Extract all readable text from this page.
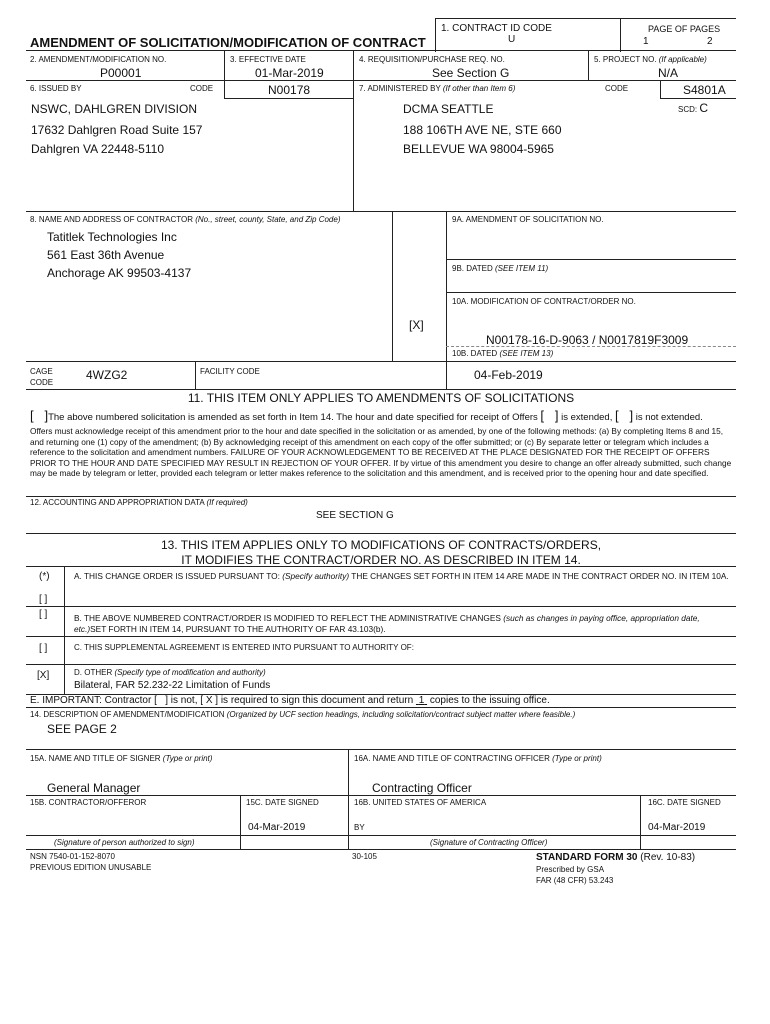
1. CONTRACT ID CODE
U
PAGE OF PAGES
1	2
AMENDMENT OF SOLICITATION/MODIFICATION OF CONTRACT
2. AMENDMENT/MODIFICATION NO.
P00001
3. EFFECTIVE DATE
01-Mar-2019
4. REQUISITION/PURCHASE REQ. NO.
See Section G
5. PROJECT NO. (If applicable)
N/A
6. ISSUED BY	CODE	N00178	7. ADMINISTERED BY (If other than Item 6)	CODE	S4801A
SCD: C
NSWC, DAHLGREN DIVISION
17632 Dahlgren Road Suite 157
Dahlgren VA 22448-5110
DCMA SEATTLE
188 106TH AVE NE, STE 660
BELLEVUE WA 98004-5965
8. NAME AND ADDRESS OF CONTRACTOR (No., street, county, State, and Zip Code)
Tatitlek Technologies Inc
561 East 36th Avenue
Anchorage AK 99503-4137
CAGE
CODE
4WZG2	FACILITY CODE
9A. AMENDMENT OF SOLICITATION NO.
9B. DATED (SEE ITEM 11)
10A. MODIFICATION OF CONTRACT/ORDER NO.
[X]
N00178-16-D-9063 / N0017819F3009
10B. DATED (SEE ITEM 13)
04-Feb-2019
11. THIS ITEM ONLY APPLIES TO AMENDMENTS OF SOLICITATIONS
[   ]The above numbered solicitation is amended as set forth in Item 14. The hour and date specified for receipt of Offers [   ] is extended, [   ] is not extended.
Offers must acknowledge receipt of this amendment prior to the hour and date specified in the solicitation or as amended, by one of the following methods: (a) By completing Items 8 and 15, and returning one (1) copy of the amendment; (b) By acknowledging receipt of this amendment on each copy of the offer submitted; or (c) By separate letter or telegram which includes a reference to the solicitation and amendment numbers. FAILURE OF YOUR ACKNOWLEDGEMENT TO BE RECEIVED AT THE PLACE DESIGNATED FOR THE RECEIPT OF OFFERS PRIOR TO THE HOUR AND DATE SPECIFIED MAY RESULT IN REJECTION OF YOUR OFFER. If by virtue of this amendment you desire to change an offer already submitted, such change may be made by telegram or letter, provided each telegram or letter makes reference to the solicitation and this amendment, and is received prior to the opening hour and date specified.
12. ACCOUNTING AND APPROPRIATION DATA (If required)
SEE SECTION G
13. THIS ITEM APPLIES ONLY TO MODIFICATIONS OF CONTRACTS/ORDERS,
IT MODIFIES THE CONTRACT/ORDER NO. AS DESCRIBED IN ITEM 14.
(*)	A. THIS CHANGE ORDER IS ISSUED PURSUANT TO: (Specify authority) THE CHANGES SET FORTH IN ITEM 14 ARE MADE IN THE CONTRACT ORDER NO. IN ITEM 10A.
[ ]
[ ]	B. THE ABOVE NUMBERED CONTRACT/ORDER IS MODIFIED TO REFLECT THE ADMINISTRATIVE CHANGES (such as changes in paying office, appropriation date, etc.)SET FORTH IN ITEM 14, PURSUANT TO THE AUTHORITY OF FAR 43.103(b).
[ ]	C. THIS SUPPLEMENTAL AGREEMENT IS ENTERED INTO PURSUANT TO AUTHORITY OF:
[X]	D. OTHER (Specify type of modification and authority)
Bilateral, FAR 52.232-22 Limitation of Funds
E. IMPORTANT: Contractor [ ] is not, [ X ] is required to sign this document and return 1 copies to the issuing office.
14. DESCRIPTION OF AMENDMENT/MODIFICATION (Organized by UCF section headings, including solicitation/contract subject matter where feasible.)
SEE PAGE 2
15A. NAME AND TITLE OF SIGNER (Type or print)
General Manager
16A. NAME AND TITLE OF CONTRACTING OFFICER (Type or print)
Contracting Officer
15B. CONTRACTOR/OFFEROR	15C. DATE SIGNED
04-Mar-2019
16B. UNITED STATES OF AMERICA	16C. DATE SIGNED
04-Mar-2019
BY
(Signature of person authorized to sign)	(Signature of Contracting Officer)
NSN 7540-01-152-8070
PREVIOUS EDITION UNUSABLE
30-105	STANDARD FORM 30 (Rev. 10-83)
Prescribed by GSA
FAR (48 CFR) 53.243
